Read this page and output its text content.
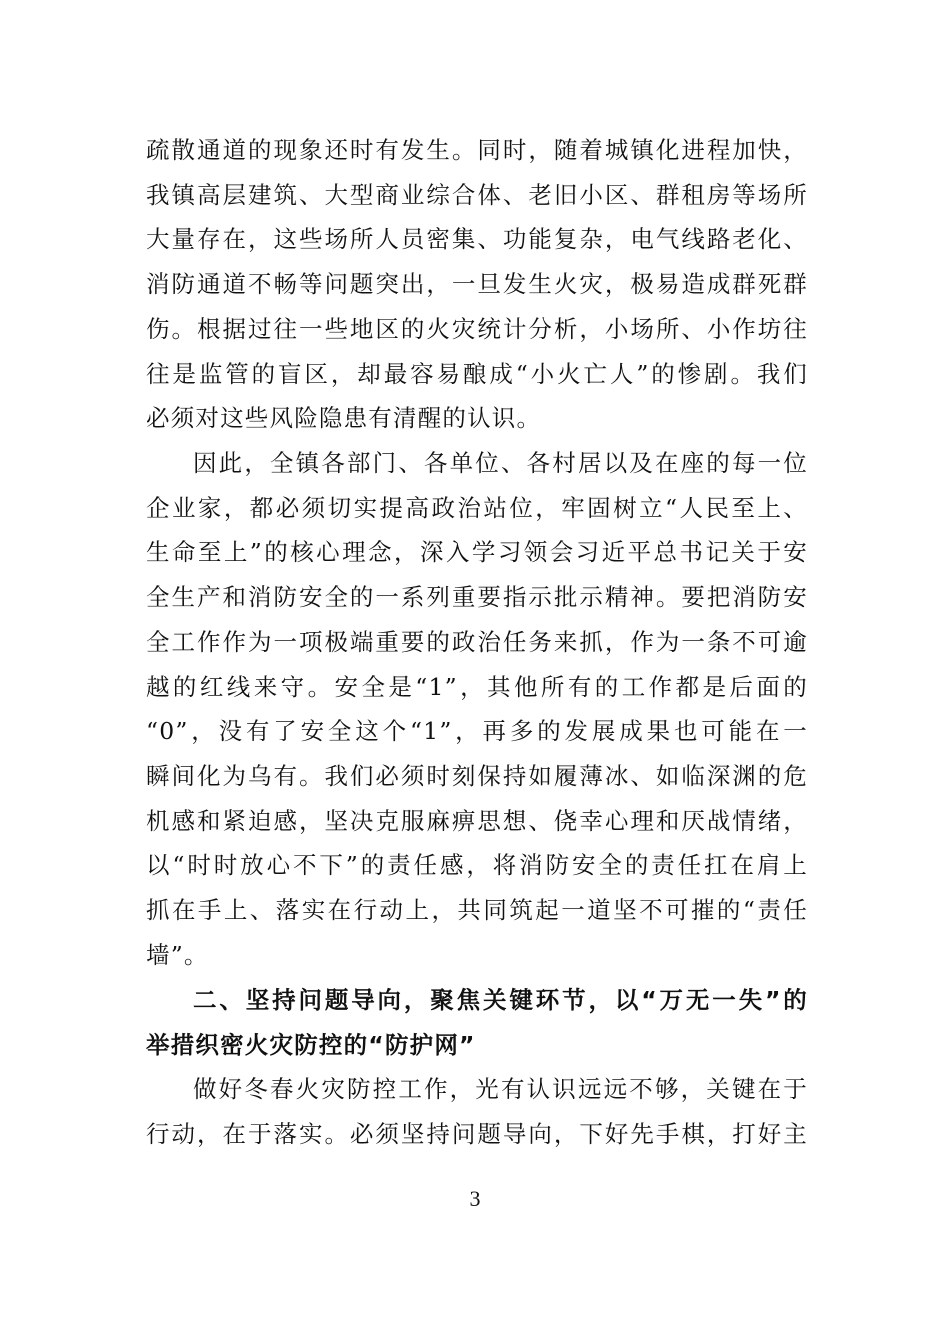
疏散通道的现象还时有发生。同时，随着城镇化进程加快，
我镇高层建筑、大型商业综合体、老旧小区、群租房等场所
大量存在，这些场所人员密集、功能复杂，电气线路老化、
消防通道不畅等问题突出，一旦发生火灾，极易造成群死群
伤。根据过往一些地区的火灾统计分析，小场所、小作坊往
往是监管的盲区，却最容易酿成“小火亡人”的惨剧。我们
必须对这些风险隐患有清醒的认识。
因此，全镇各部门、各单位、各村居以及在座的每一位
企业家，都必须切实提高政治站位，牢固树立“人民至上、
生命至上”的核心理念，深入学习领会习近平总书记关于安
全生产和消防安全的一系列重要指示批示精神。要把消防安
全工作作为一项极端重要的政治任务来抓，作为一条不可逾
越的红线来守。安全是“1”，其他所有的工作都是后面的
“0”，没有了安全这个“1”，再多的发展成果也可能在一
瞬间化为乌有。我们必须时刻保持如履薄冰、如临深渊的危
机感和紧迫感，坚决克服麻痹思想、侥幸心理和厌战情绪，
以“时时放心不下”的责任感，将消防安全的责任扛在肩上
抓在手上、落实在行动上，共同筑起一道坚不可摧的“责任
墙”。
二、坚持问题导向，聚焦关键环节，以“万无一失”的
举措织密火灾防控的“防护网”
做好冬春火灾防控工作，光有认识远远不够，关键在于
行动，在于落实。必须坚持问题导向，下好先手棋，打好主
3
